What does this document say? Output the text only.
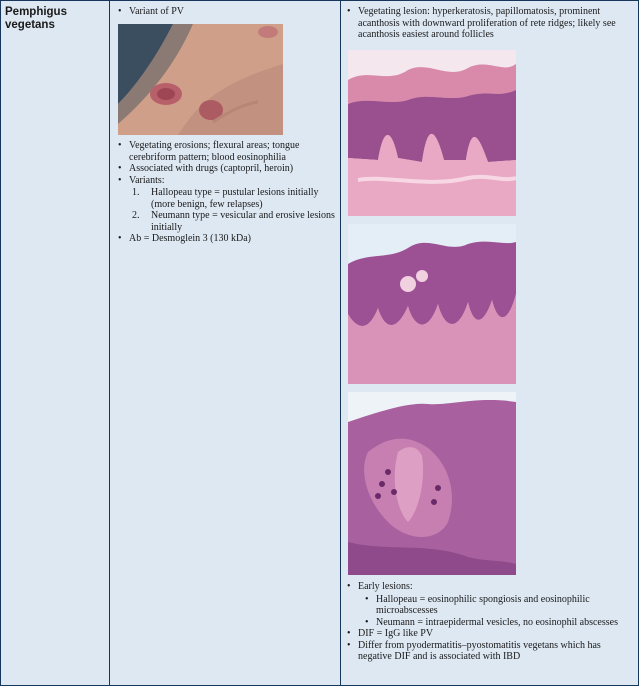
Pemphigus vegetans
• Variant of PV
• Vegetating erosions; flexural areas; tongue cerebriform pattern; blood eosinophilia
• Associated with drugs (captopril, heroin)
• Variants:
1. Hallopeau type = pustular lesions initially (more benign, few relapses)
2. Neumann type = vesicular and erosive lesions initially
• Ab = Desmoglein 3 (130 kDa)
• Vegetating lesion: hyperkeratosis, papillomatosis, prominent acanthosis with downward proliferation of rete ridges; likely see acanthosis easiest around follicles
• Early lesions:
• Hallopeau = eosinophilic spongiosis and eosinophilic microabscesses
• Neumann = intraepidermal vesicles, no eosinophil abscesses
• DIF = IgG like PV
• Differ from pyodermatitis–pyostomatitis vegetans which has negative DIF and is associated with IBD
